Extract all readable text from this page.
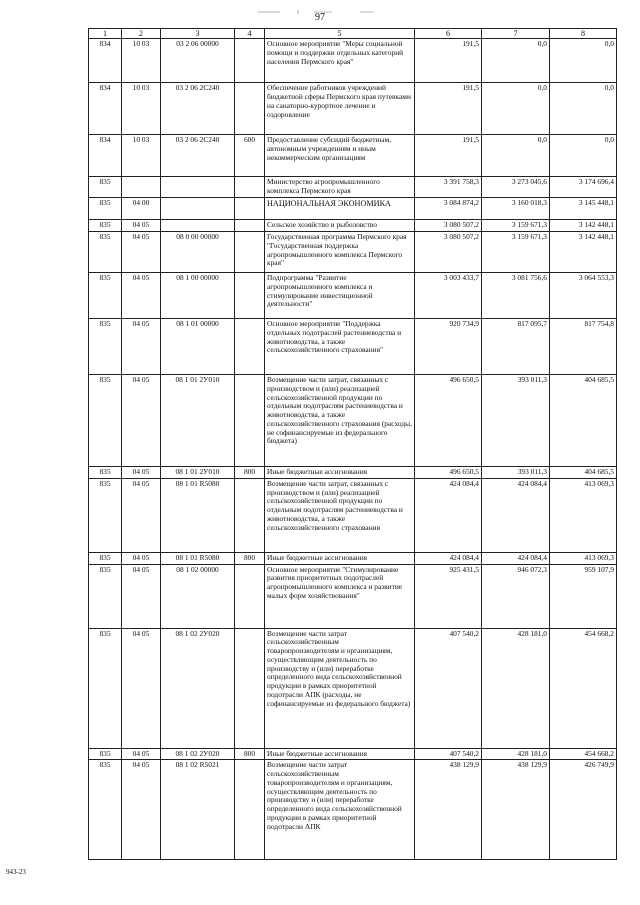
97
1	2	3	4	5	6	7	8
834	10 03	03 2 06 00000		Основное мероприятие "Меры социальной помощи и поддержки отдельных категорий населения Пермского края"	191,5	0,0	0,0
834	10 03	03 2 06 2С240		Обеспечение работников учреждений бюджетной сферы Пермского края путевками на санаторно-курортное лечение и оздоровление	191,5	0,0	0,0
834	10 03	03 2 06 2С240	600	Предоставление субсидий бюджетным, автономным учреждениям и иным некоммерческим организациям	191,5	0,0	0,0
835				Министерство агропромышленного комплекса Пермского края	3 391 758,3	3 273 045,6	3 174 696,4
835	04 00			НАЦИОНАЛЬНАЯ ЭКОНОМИКА	3 084 874,2	3 160 018,3	3 145 448,1
835	04 05			Сельское хозяйство и рыболовство	3 080 507,2	3 159 671,3	3 142 448,1
835	04 05	08 0 00 00000		Государственная программа Пермского края "Государственная поддержка агропромышленного комплекса Пермского края"	3 080 507,2	3 159 671,3	3 142 448,1
835	04 05	08 1 00 00000		Подпрограмма "Развитие агропромышленного комплекса и стимулирование инвестиционной деятельности"	3 003 433,7	3 081 756,6	3 064 553,3
835	04 05	08 1 01 00000		Основное мероприятие "Поддержка отдельных подотраслей растениеводства и животноводства, а также сельскохозяйственного страхования"	920 734,9	817 095,7	817 754,8
835	04 05	08 1 01 2У010		Возмещение части затрат, связанных с производством и (или) реализацией сельскохозяйственной продукции по отдельным подотраслям растениеводства и животноводства, а также сельскохозяйственного страхования (расходы, не софинансируемые из федерального бюджета)	496 650,5	393 011,3	404 685,5
835	04 05	08 1 01 2У010	800	Иные бюджетные ассигнования	496 650,5	393 011,3	404 685,5
835	04 05	08 1 01 R5080		Возмещение части затрат, связанных с производством и (или) реализацией сельскохозяйственной продукции по отдельным подотраслям растениеводства и животноводства, а также сельскохозяйственного страхования	424 084,4	424 084,4	413 069,3
835	04 05	08 1 01 R5080	800	Иные бюджетные ассигнования	424 084,4	424 084,4	413 069,3
835	04 05	08 1 02 00000		Основное мероприятие "Стимулирование развития приоритетных подотраслей агропромышленного комплекса и развитие малых форм хозяйствования"	925 431,5	946 072,3	959 107,9
835	04 05	08 1 02 2У020		Возмещение части затрат сельскохозяйственным товаропроизводителям и организациям, осуществляющим деятельность по производству и (или) переработке определенного вида сельскохозяйственной продукции в рамках приоритетной подотрасли АПК (расходы, не софинансируемые из федерального бюджета)	407 540,2	428 181,0	454 668,2
835	04 05	08 1 02 2У020	800	Иные бюджетные ассигнования	407 540,2	428 181,0	454 668,2
835	04 05	08 1 02 R5021		Возмещение части затрат сельскохозяйственным товаропроизводителям и организациям, осуществляющим деятельность по производству и (или) переработке определенного вида сельскохозяйственной продукции в рамках приоритетной подотрасли АПК	438 129,9	438 129,9	426 749,9
943-23
